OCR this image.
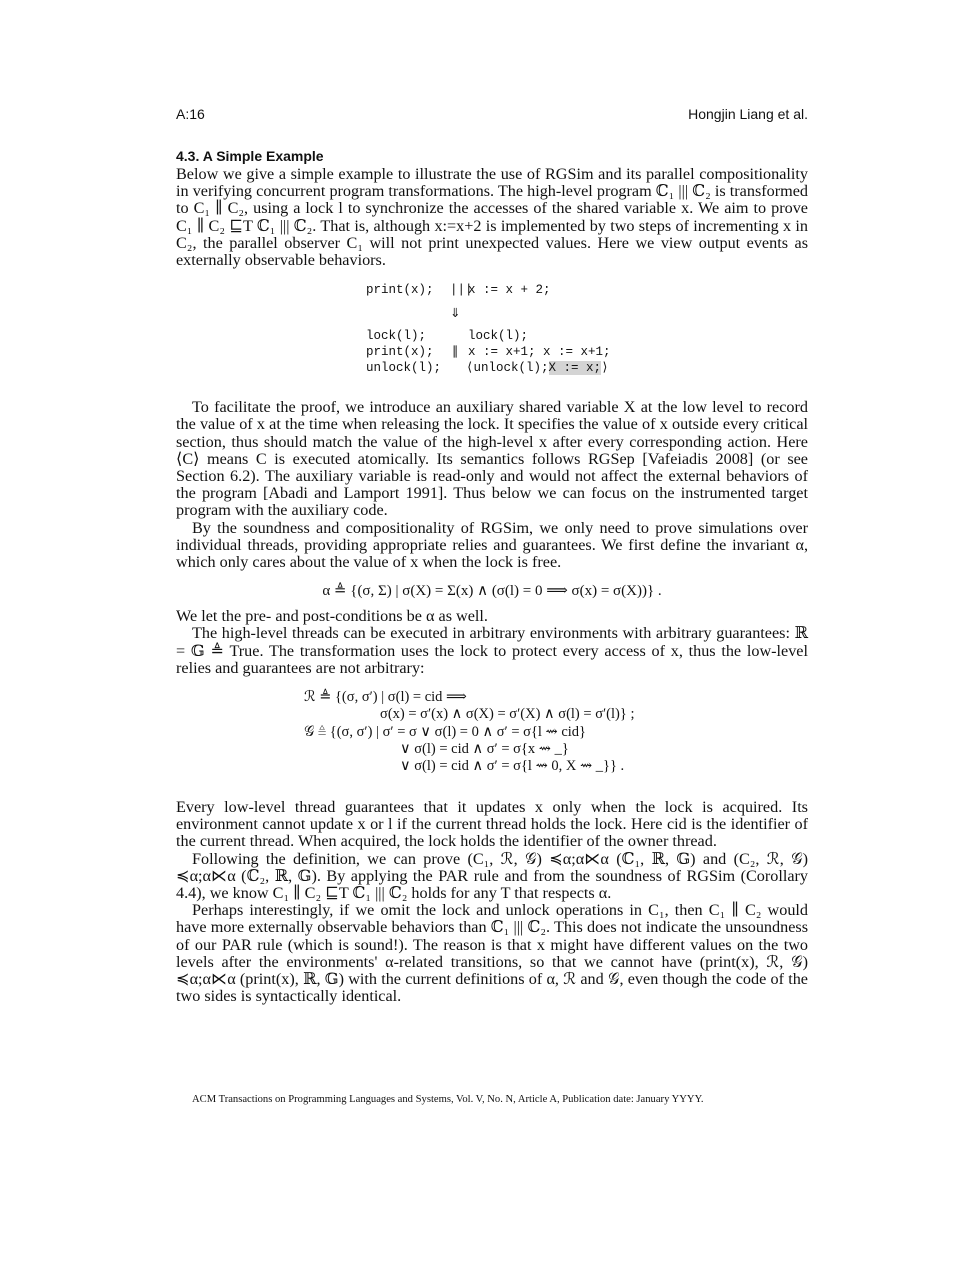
A:16	Hongjin Liang et al.
4.3. A Simple Example

Below we give a simple example to illustrate the use of RGSim and its parallel compositionality in verifying concurrent program transformations. The high-level program ℂ₁ ||| ℂ₂ is transformed to C₁ ∥ C₂, using a lock l to synchronize the accesses of the shared variable x. We aim to prove C₁ ∥ C₂ ⊑T ℂ₁ ||| ℂ₂. That is, although x:=x+2 is implemented by two steps of incrementing x in C₂, the parallel observer C₁ will not print unexpected values. Here we view output events as externally observable behaviors.

print(x); |||
x := x + 2;
⇓
lock(l);
print(x);
unlock(l);
∥
lock(l);
x := x+1; x := x+1;
⟨unlock(l);X := x;⟩

To facilitate the proof, we introduce an auxiliary shared variable X at the low level to record the value of x at the time when releasing the lock. It specifies the value of x outside every critical section, thus should match the value of the high-level x after every corresponding action. Here ⟨C⟩ means C is executed atomically. Its semantics follows RGSep [Vafeiadis 2008] (or see Section 6.2). The auxiliary variable is read-only and would not affect the external behaviors of the program [Abadi and Lamport 1991]. Thus below we can focus on the instrumented target program with the auxiliary code.

By the soundness and compositionality of RGSim, we only need to prove simulations over individual threads, providing appropriate relies and guarantees. We first define the invariant α, which only cares about the value of x when the lock is free.

α ≜ {(σ, Σ) | σ(X) = Σ(x) ∧ (σ(l) = 0 ⟹ σ(x) = σ(X))} .

We let the pre- and post-conditions be α as well.

The high-level threads can be executed in arbitrary environments with arbitrary guarantees: ℝ = 𝔾 ≜ True. The transformation uses the lock to protect every access of x, thus the low-level relies and guarantees are not arbitrary:

ℛ ≜ {(σ, σ′) | σ(l) = cid ⟹
σ(x) = σ′(x) ∧ σ(X) = σ′(X) ∧ σ(l) = σ′(l)} ;
𝒢 ≜ {(σ, σ′) | σ′ = σ ∨ σ(l) = 0 ∧ σ′ = σ{l ⇝ cid}
∨ σ(l) = cid ∧ σ′ = σ{x ⇝ _}
∨ σ(l) = cid ∧ σ′ = σ{l ⇝ 0, X ⇝ _}} .

Every low-level thread guarantees that it updates x only when the lock is acquired. Its environment cannot update x or l if the current thread holds the lock. Here cid is the identifier of the current thread. When acquired, the lock holds the identifier of the owner thread.

Following the definition, we can prove (C₁, ℛ, 𝒢) ≼α;α⋉α (ℂ₁, ℝ, 𝔾) and (C₂, ℛ, 𝒢) ≼α;α⋉α (ℂ₂, ℝ, 𝔾). By applying the PAR rule and from the soundness of RGSim (Corollary 4.4), we know C₁ ∥ C₂ ⊑T ℂ₁ ||| ℂ₂ holds for any T that respects α.

Perhaps interestingly, if we omit the lock and unlock operations in C₁, then C₁ ∥ C₂ would have more externally observable behaviors than ℂ₁ ||| ℂ₂. This does not indicate the unsoundness of our PAR rule (which is sound!). The reason is that x might have different values on the two levels after the environments' α-related transitions, so that we cannot have (print(x), ℛ, 𝒢) ≼α;α⋉α (print(x), ℝ, 𝔾) with the current definitions of α, ℛ and 𝒢, even though the code of the two sides is syntactically identical.

ACM Transactions on Programming Languages and Systems, Vol. V, No. N, Article A, Publication date: January YYYY.
